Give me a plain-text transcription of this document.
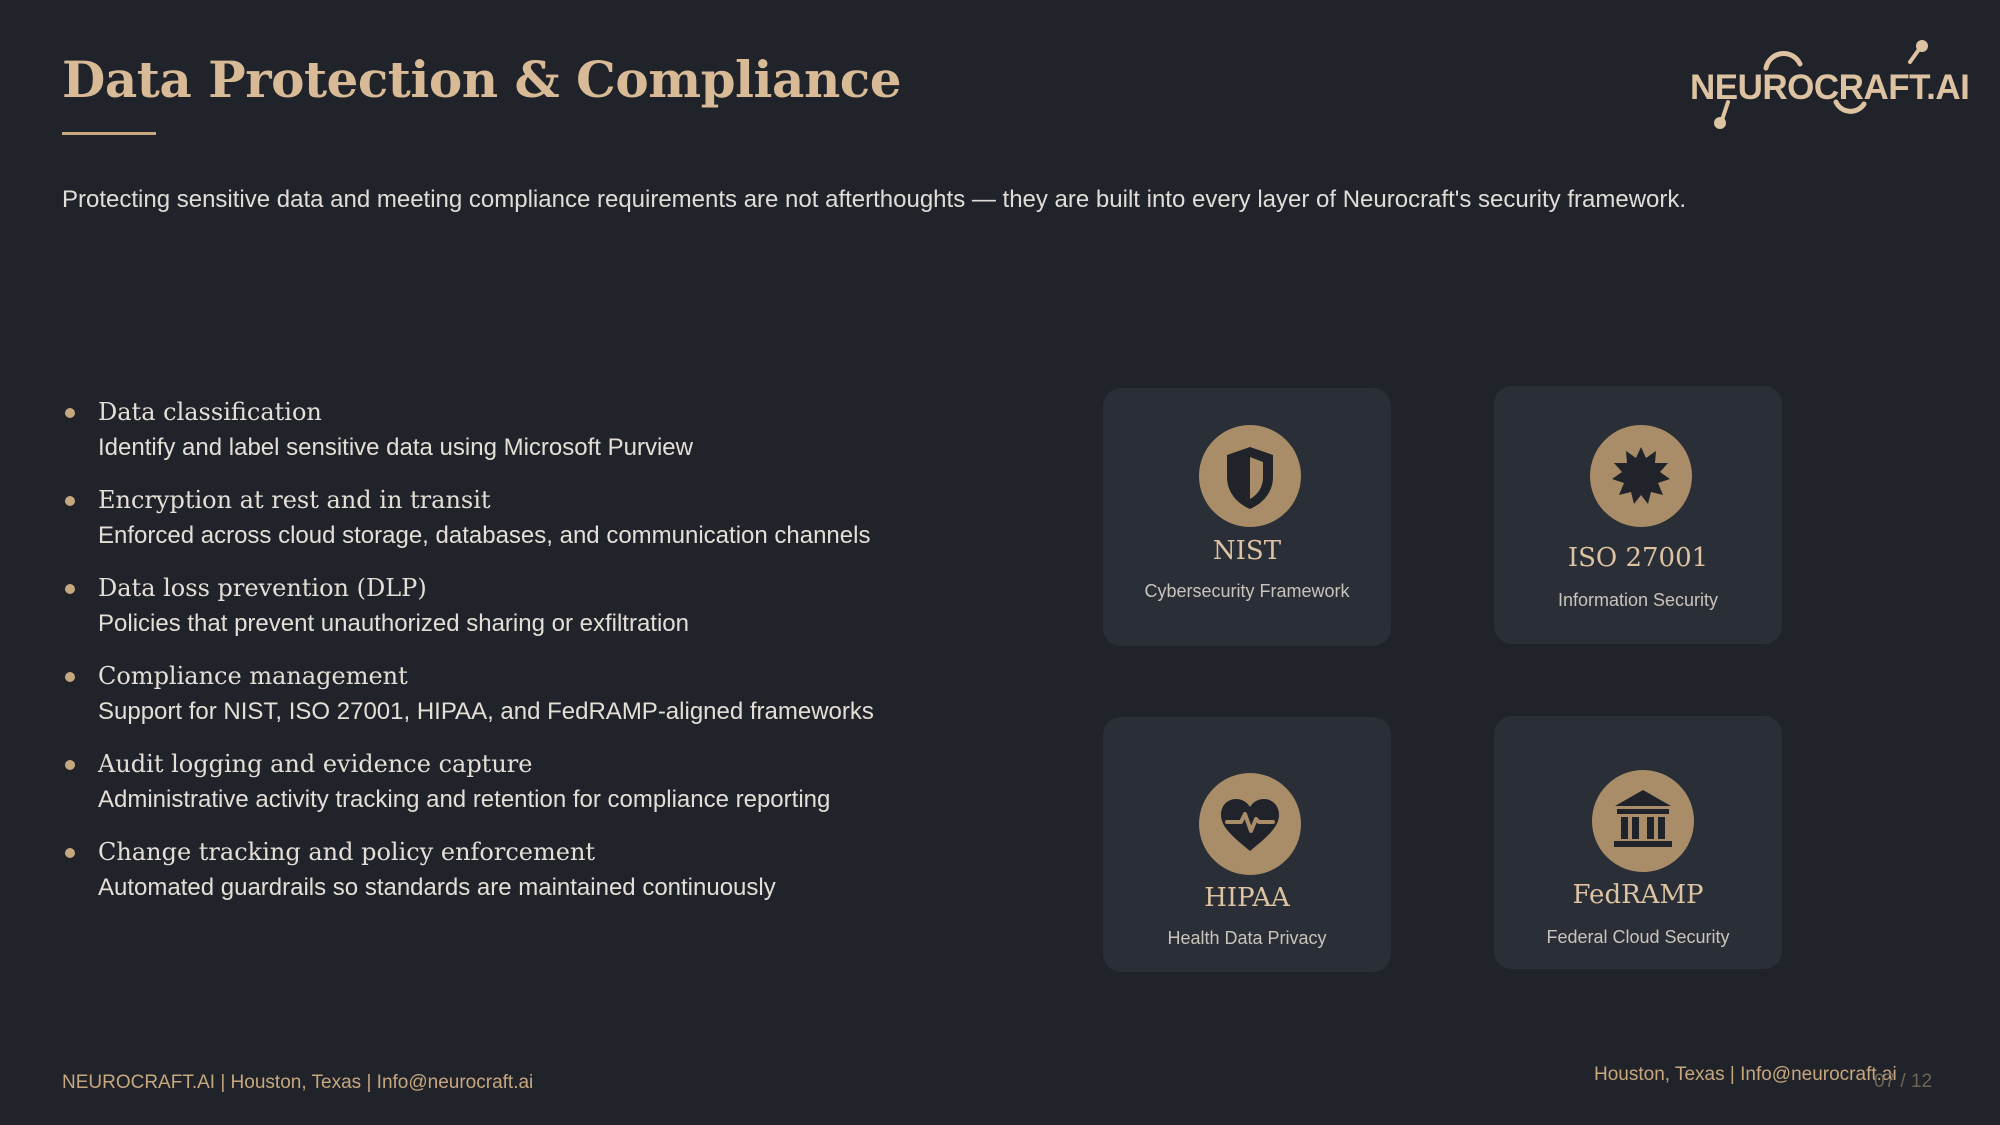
Data Protection & Compliance	NEUROCRAFT.AI

Protecting sensitive data and meeting compliance requirements are not afterthoughts — they are built into every layer of Neurocraft's security framework.

Data classification
Identify and label sensitive data using Microsoft Purview
Encryption at rest and in transit
Enforced across cloud storage, databases, and communication channels
Data loss prevention (DLP)
Policies that prevent unauthorized sharing or exfiltration
Compliance management
Support for NIST, ISO 27001, HIPAA, and FedRAMP-aligned frameworks
Audit logging and evidence capture
Administrative activity tracking and retention for compliance reporting
Change tracking and policy enforcement
Automated guardrails so standards are maintained continuously
NIST
Cybersecurity Framework
ISO 27001
Information Security
HIPAA
Health Data Privacy
FedRAMP
Federal Cloud Security
NEUROCRAFT.AI | Houston, Texas | Info@neurocraft.ai	Houston, Texas | Info@neurocraft.ai
07 / 12
